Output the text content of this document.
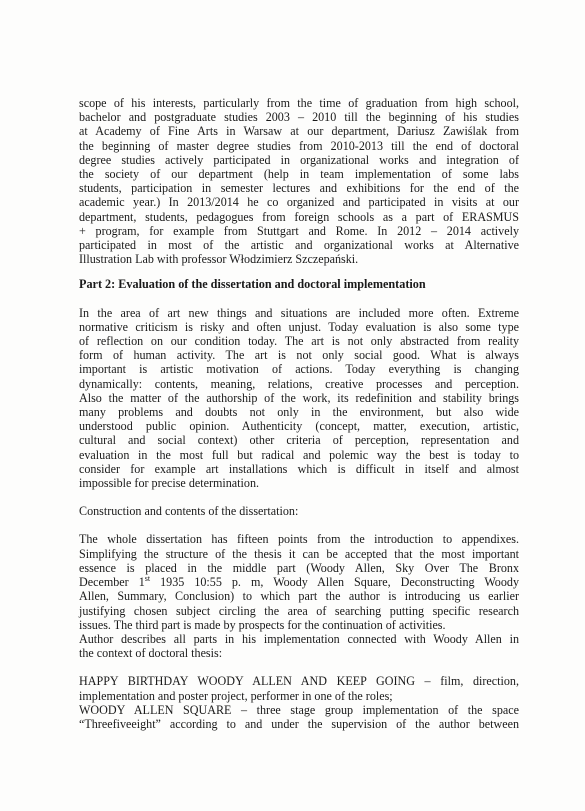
scope of his interests, particularly from the time of graduation from high school,
bachelor and postgraduate studies 2003 – 2010 till the beginning of his studies
at Academy of Fine Arts in Warsaw at our department, Dariusz Zawiślak from
the beginning of master degree studies from 2010-2013 till the end of doctoral
degree studies actively participated in organizational works and integration of
the society of our department (help in team implementation of some labs
students, participation in semester lectures and exhibitions for the end of the
academic year.) In 2013/2014 he co organized and participated in visits at our
department, students, pedagogues from foreign schools as a part of ERASMUS
+ program, for example from Stuttgart and Rome. In 2012 – 2014 actively
participated in most of the artistic and organizational works at Alternative
Illustration Lab with professor Włodzimierz Szczepański.

Part 2: Evaluation of the dissertation and doctoral implementation

In the area of art new things and situations are included more often. Extreme
normative criticism is risky and often unjust. Today evaluation is also some type
of reflection on our condition today. The art is not only abstracted from reality
form of human activity. The art is not only social good. What is always
important is artistic motivation of actions. Today everything is changing
dynamically: contents, meaning, relations, creative processes and perception.
Also the matter of the authorship of the work, its redefinition and stability brings
many problems and doubts not only in the environment, but also wide
understood public opinion. Authenticity (concept, matter, execution, artistic,
cultural and social context) other criteria of perception, representation and
evaluation in the most full but radical and polemic way the best is today to
consider for example art installations which is difficult in itself and almost
impossible for precise determination.

Construction and contents of the dissertation:

The whole dissertation has fifteen points from the introduction to appendixes.
Simplifying the structure of the thesis it can be accepted that the most important
essence is placed in the middle part (Woody Allen, Sky Over The Bronx
December 1st 1935 10:55 p. m, Woody Allen Square, Deconstructing Woody
Allen, Summary, Conclusion) to which part the author is introducing us earlier
justifying chosen subject circling the area of searching putting specific research
issues. The third part is made by prospects for the continuation of activities.
Author describes all parts in his implementation connected with Woody Allen in
the context of doctoral thesis:
HAPPY BIRTHDAY WOODY ALLEN AND KEEP GOING – film, direction,
implementation and poster project, performer in one of the roles;
WOODY ALLEN SQUARE – three stage group implementation of the space
“Threefiveeight” according to and under the supervision of the author between
